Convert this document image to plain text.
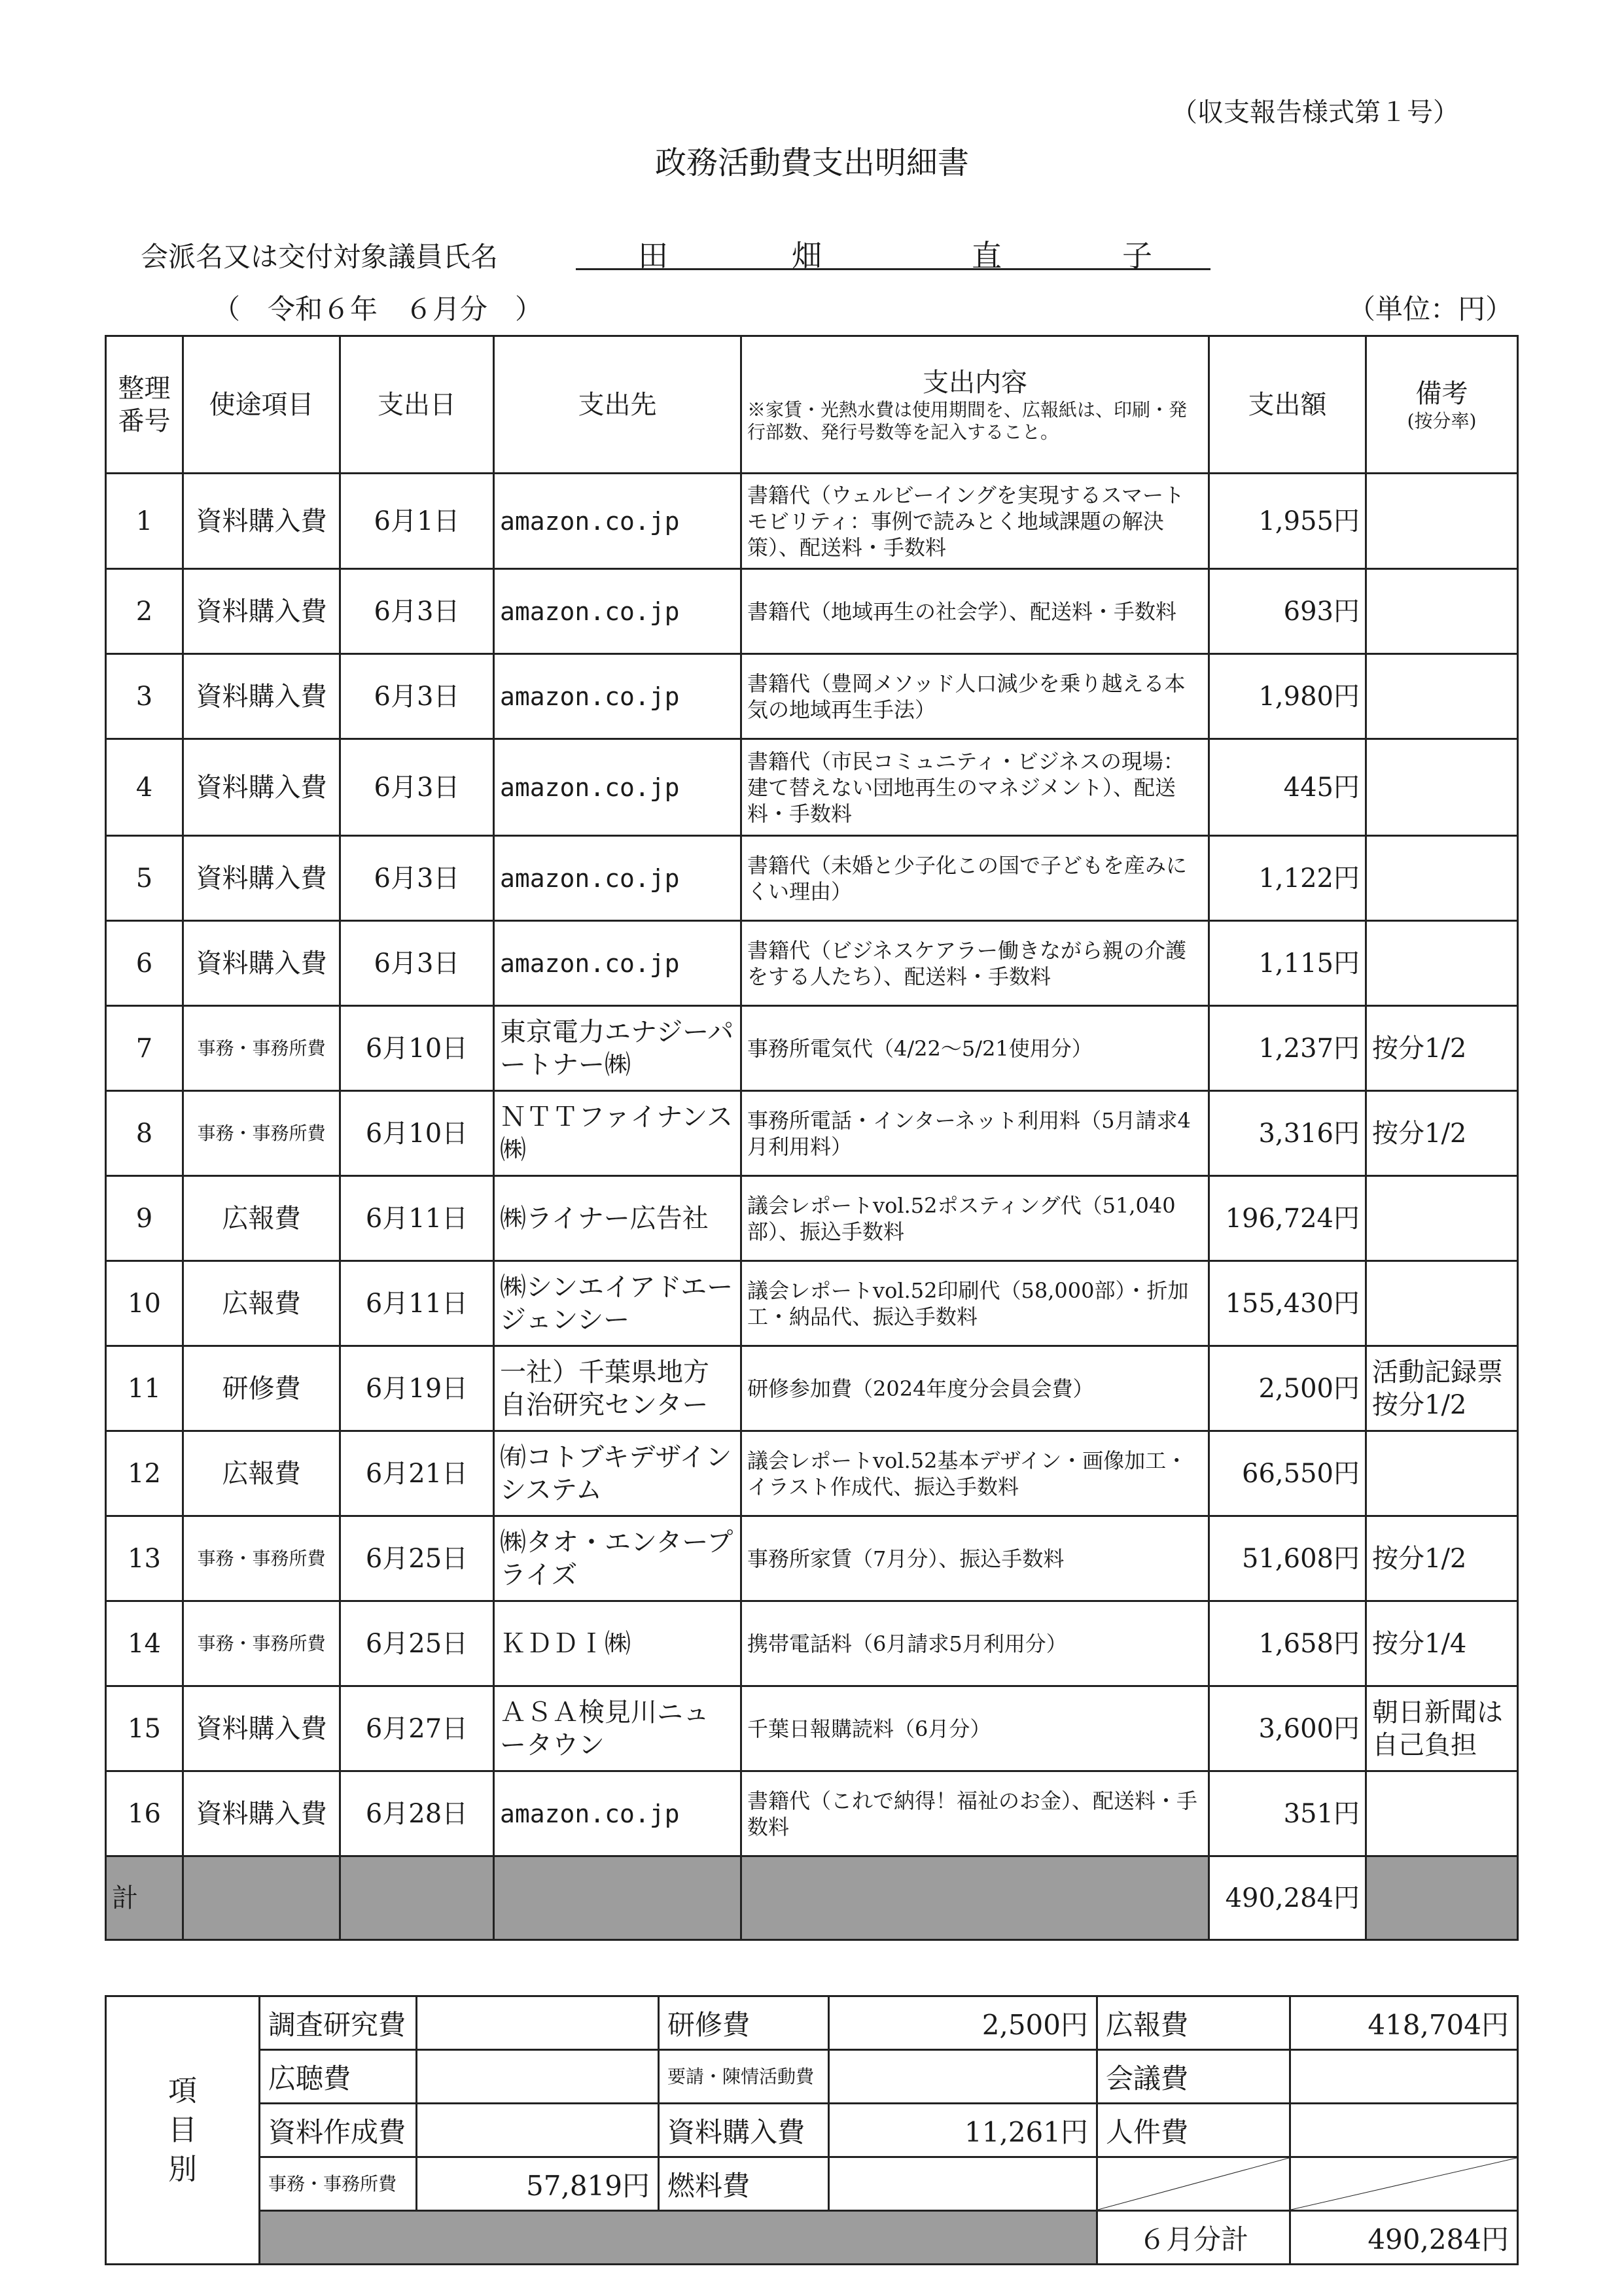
（収支報告様式第１号）
政務活動費支出明細書
会派名又は交付対象議員氏名	田	畑	直	子
（　令和６年　６月分　）	（単位：円）
整理番号	使途項目	支出日	支出先	支出内容
※家賃・光熱水費は使用期間を、広報紙は、印刷・発行部数、発行号数等を記入すること。	支出額	備考
(按分率)

1	資料購入費	6月1日	amazon.co.jp	書籍代（ウェルビーイングを実現するスマートモビリティ：事例で読みとく地域課題の解決策）、配送料・手数料	1,955円	
2	資料購入費	6月3日	amazon.co.jp	書籍代（地域再生の社会学）、配送料・手数料	693円	
3	資料購入費	6月3日	amazon.co.jp	書籍代（豊岡メソッド人口減少を乗り越える本気の地域再生手法）	1,980円	
4	資料購入費	6月3日	amazon.co.jp	書籍代（市民コミュニティ・ビジネスの現場：建て替えない団地再生のマネジメント）、配送料・手数料	445円	
5	資料購入費	6月3日	amazon.co.jp	書籍代（未婚と少子化この国で子どもを産みにくい理由）	1,122円	
6	資料購入費	6月3日	amazon.co.jp	書籍代（ビジネスケアラー働きながら親の介護をする人たち）、配送料・手数料	1,115円	
7	事務・事務所費	6月10日	東京電力エナジーパートナー㈱	事務所電気代（4/22～5/21使用分）	1,237円	按分1/2
8	事務・事務所費	6月10日	ＮＴＴファイナンス㈱	事務所電話・インターネット利用料（5月請求4月利用料）	3,316円	按分1/2
9	広報費	6月11日	㈱ライナー広告社	議会レポートvol.52ポスティング代（51,040部）、振込手数料	196,724円	
10	広報費	6月11日	㈱シンエイアドエージェンシー	議会レポートvol.52印刷代（58,000部）・折加工・納品代、振込手数料	155,430円	
11	研修費	6月19日	一社）千葉県地方自治研究センター	研修参加費（2024年度分会員会費）	2,500円	活動記録票按分1/2
12	広報費	6月21日	㈲コトブキデザインシステム	議会レポートvol.52基本デザイン・画像加工・イラスト作成代、振込手数料	66,550円	
13	事務・事務所費	6月25日	㈱タオ・エンタープライズ	事務所家賃（7月分）、振込手数料	51,608円	按分1/2
14	事務・事務所費	6月25日	ＫＤＤＩ㈱	携帯電話料（6月請求5月利用分）	1,658円	按分1/4
15	資料購入費	6月27日	ＡＳＡ検見川ニュータウン	千葉日報購読料（6月分）	3,600円	朝日新聞は自己負担
16	資料購入費	6月28日	amazon.co.jp	書籍代（これで納得！福祉のお金）、配送料・手数料	351円	
計					490,284円	
項目別	調査研究費		研修費	2,500円	広報費	418,704円
	広聴費		要請・陳情活動費		会議費	
	資料作成費		資料購入費	11,261円	人件費	
	事務・事務所費	57,819円	燃料費		

					６月分計	490,284円
